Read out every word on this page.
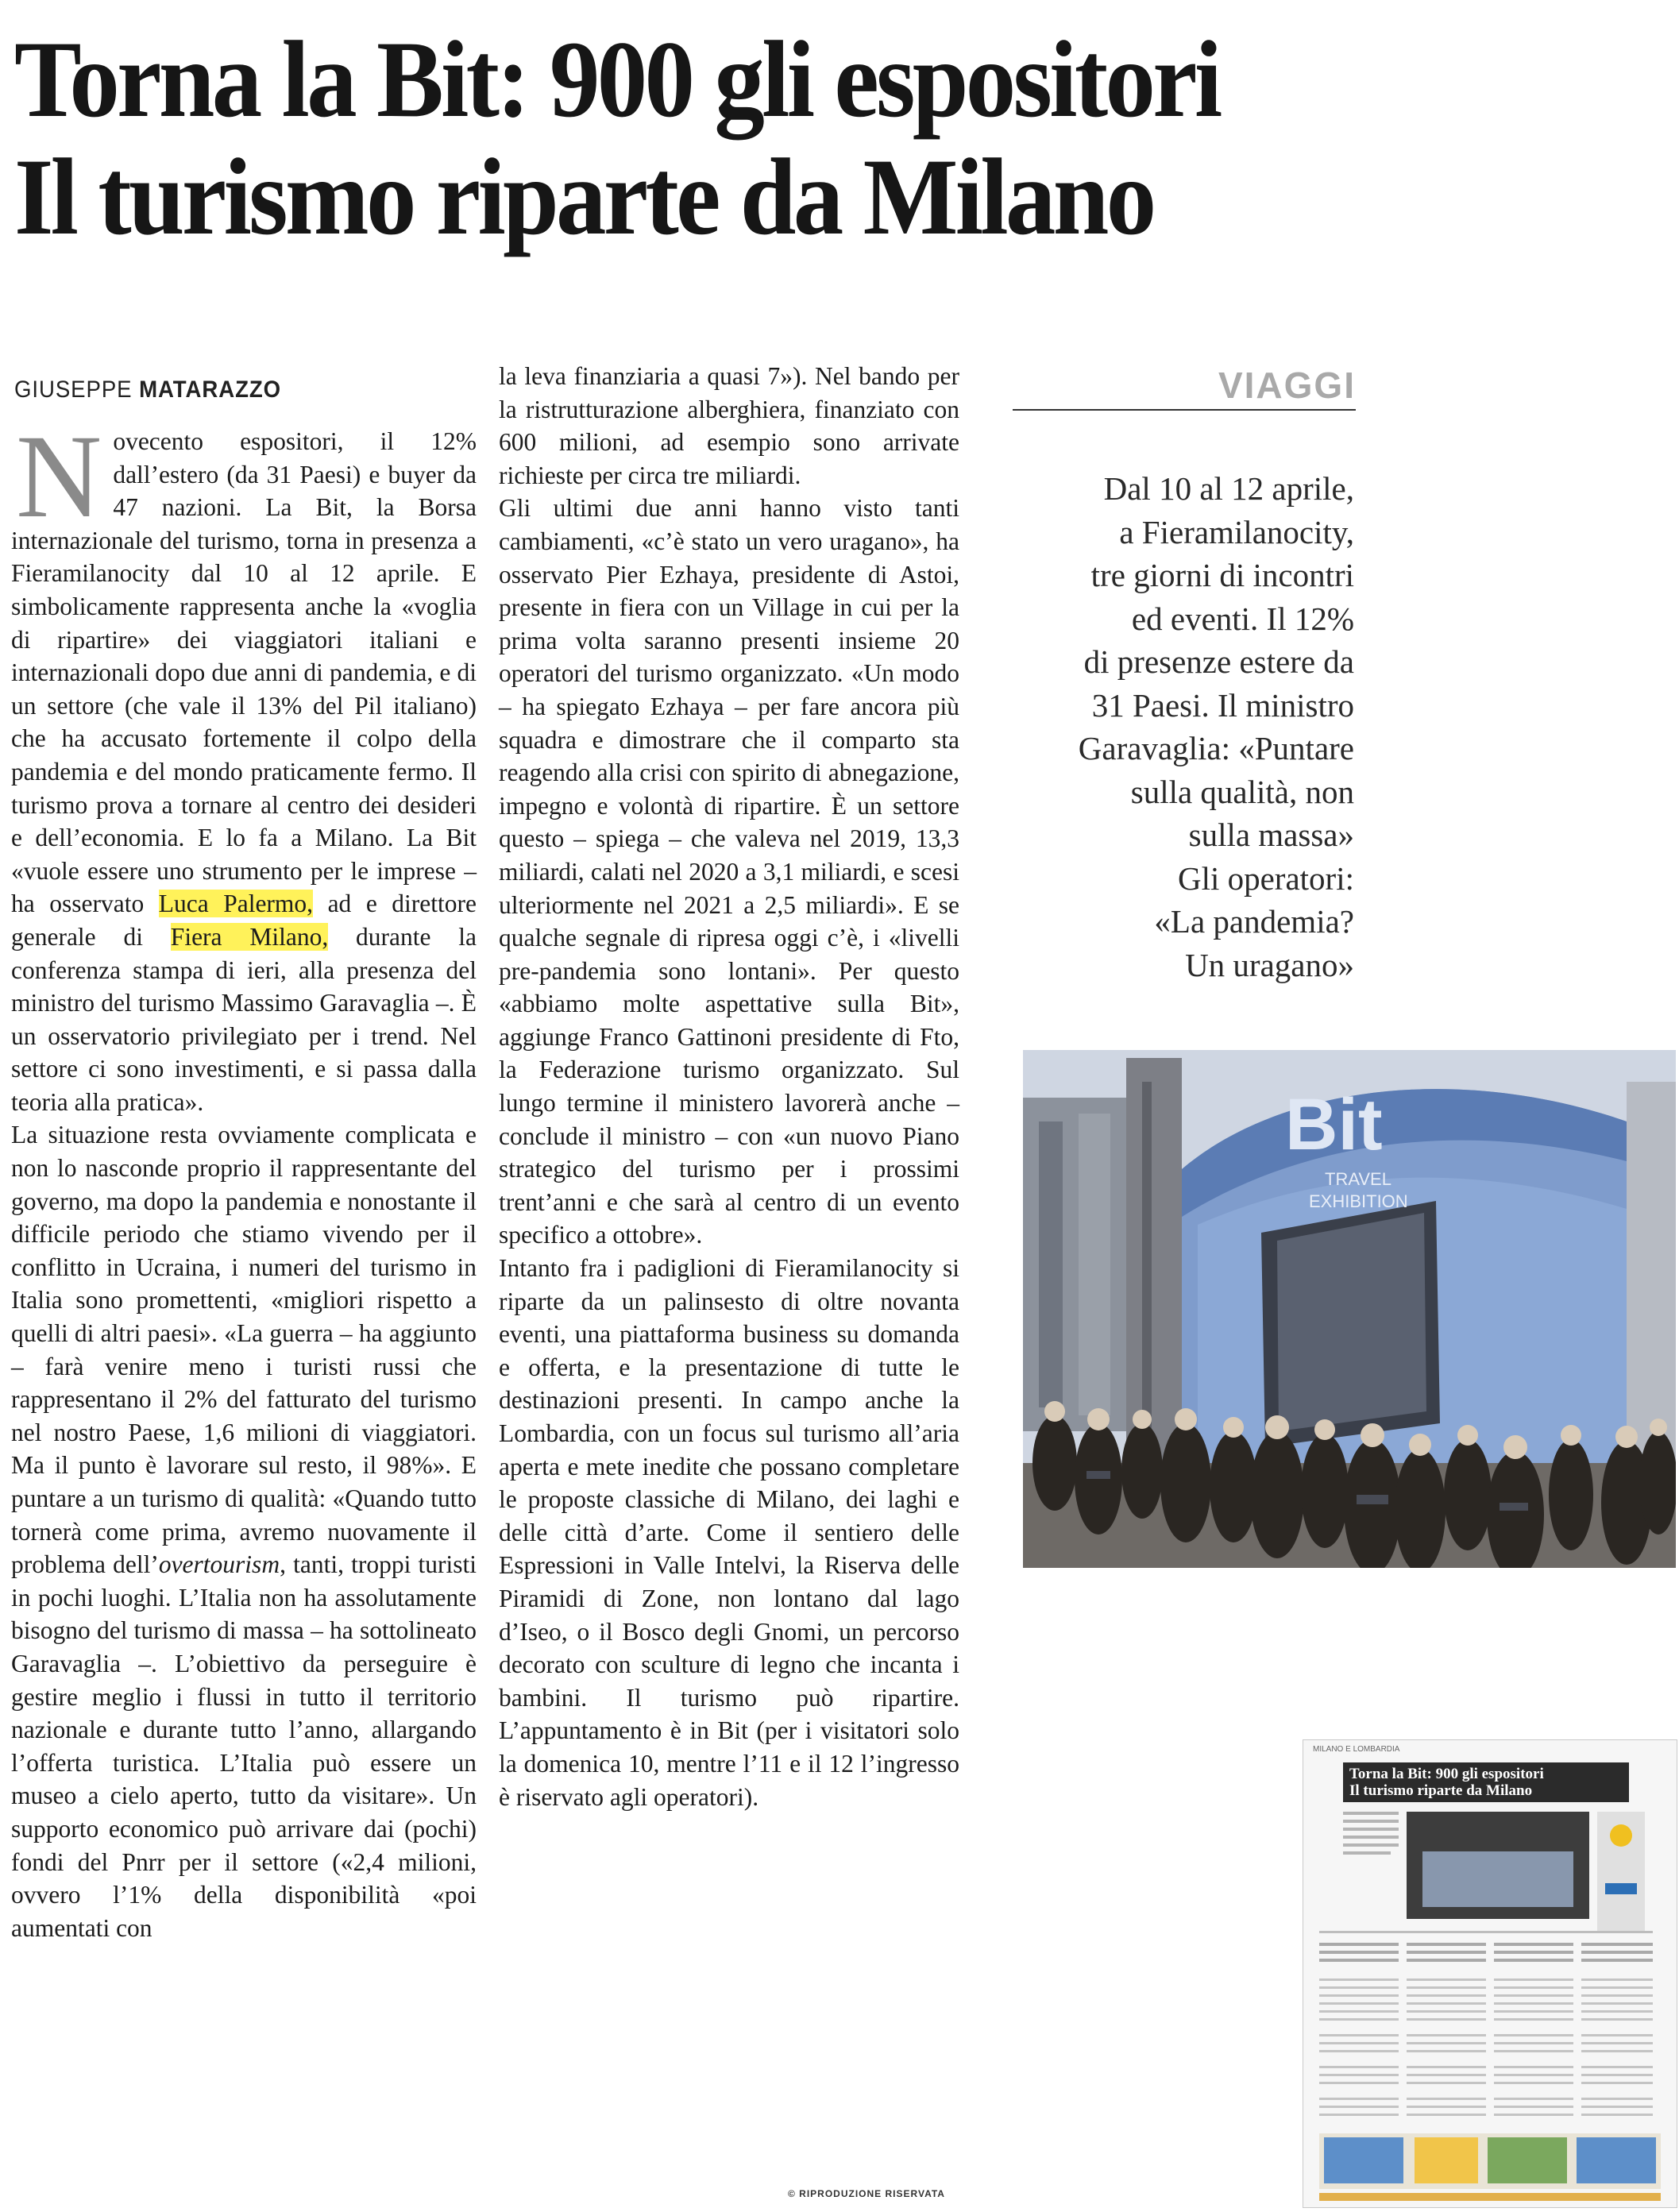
Torna la Bit: 900 gli espositori
Il turismo riparte da Milano
GIUSEPPE MATARAZZO

Novecento espositori, il 12% dall’estero (da 31 Paesi) e buyer da 47 nazioni. La Bit, la Borsa internazionale del turismo, torna in presenza a Fieramilanocity dal 10 al 12 aprile. E simbolicamente rappresenta anche la «voglia di ripartire» dei viaggiatori italiani e internazionali dopo due anni di pandemia, e di un settore (che vale il 13% del Pil italiano) che ha accusato fortemente il colpo della pandemia e del mondo praticamente fermo. Il turismo prova a tornare al centro dei desideri e dell’economia. E lo fa a Milano. La Bit «vuole essere uno strumento per le imprese – ha osservato Luca Palermo, ad e direttore generale di Fiera Milano, durante la conferenza stampa di ieri, alla presenza del ministro del turismo Massimo Garavaglia –. È un osservatorio privilegiato per i trend. Nel settore ci sono investimenti, e si passa dalla teoria alla pratica».

La situazione resta ovviamente complicata e non lo nasconde proprio il rappresentante del governo, ma dopo la pandemia e nonostante il difficile periodo che stiamo vivendo per il conflitto in Ucraina, i numeri del turismo in Italia sono promettenti, «migliori rispetto a quelli di altri paesi». «La guerra – ha aggiunto – farà venire meno i turisti russi che rappresentano il 2% del fatturato del turismo nel nostro Paese, 1,6 milioni di viaggiatori. Ma il punto è lavorare sul resto, il 98%». E puntare a un turismo di qualità: «Quando tutto tornerà come prima, avremo nuovamente il problema dell’overtourism, tanti, troppi turisti in pochi luoghi. L’Italia non ha assolutamente bisogno del turismo di massa – ha sottolineato Garavaglia –. L’obiettivo da perseguire è gestire meglio i flussi in tutto il territorio nazionale e durante tutto l’anno, allargando l’offerta turistica. L’Italia può essere un museo a cielo aperto, tutto da visitare». Un supporto economico può arrivare dai (pochi) fondi del Pnrr per il settore («2,4 milioni, ovvero l’1% della disponibilità «poi aumentati con

la leva finanziaria a quasi 7»). Nel bando per la ristrutturazione alberghiera, finanziato con 600 milioni, ad esempio sono arrivate richieste per circa tre miliardi.

Gli ultimi due anni hanno visto tanti cambiamenti, «c’è stato un vero uragano», ha osservato Pier Ezhaya, presidente di Astoi, presente in fiera con un Village in cui per la prima volta saranno presenti insieme 20 operatori del turismo organizzato. «Un modo – ha spiegato Ezhaya – per fare ancora più squadra e dimostrare che il comparto sta reagendo alla crisi con spirito di abnegazione, impegno e volontà di ripartire. È un settore questo – spiega – che valeva nel 2019, 13,3 miliardi, calati nel 2020 a 3,1 miliardi, e scesi ulteriormente nel 2021 a 2,5 miliardi». E se qualche segnale di ripresa oggi c’è, i «livelli pre-pandemia sono lontani». Per questo «abbiamo molte aspettative sulla Bit», aggiunge Franco Gattinoni presidente di Fto, la Federazione turismo organizzato. Sul lungo termine il ministero lavorerà anche – conclude il ministro – con «un nuovo Piano strategico del turismo per i prossimi trent’anni e che sarà al centro di un evento specifico a ottobre».

Intanto fra i padiglioni di Fieramilanocity si riparte da un palinsesto di oltre novanta eventi, una piattaforma business su domanda e offerta, e la presentazione di tutte le destinazioni presenti. In campo anche la Lombardia, con un focus sul turismo all’aria aperta e mete inedite che possano completare le proposte classiche di Milano, dei laghi e delle città d’arte. Come il sentiero delle Espressioni in Valle Intelvi, la Riserva delle Piramidi di Zone, non lontano dal lago d’Iseo, o il Bosco degli Gnomi, un percorso decorato con sculture di legno che incanta i bambini. Il turismo può ripartire. L’appuntamento è in Bit (per i visitatori solo la domenica 10, mentre l’11 e il 12 l’ingresso è riservato agli operatori).

VIAGGI
Dal 10 al 12 aprile,
a Fieramilanocity,
tre giorni di incontri
ed eventi. Il 12%
di presenze estere da
31 Paesi. Il ministro
Garavaglia: «Puntare
sulla qualità, non
sulla massa»
Gli operatori:
«La pandemia?
Un uragano»
Bit
TRAVEL
EXHIBITION
© RIPRODUZIONE RISERVATA
MILANO E LOMBARDIA
Torna la Bit: 900 gli espositori
Il turismo riparte da Milano
